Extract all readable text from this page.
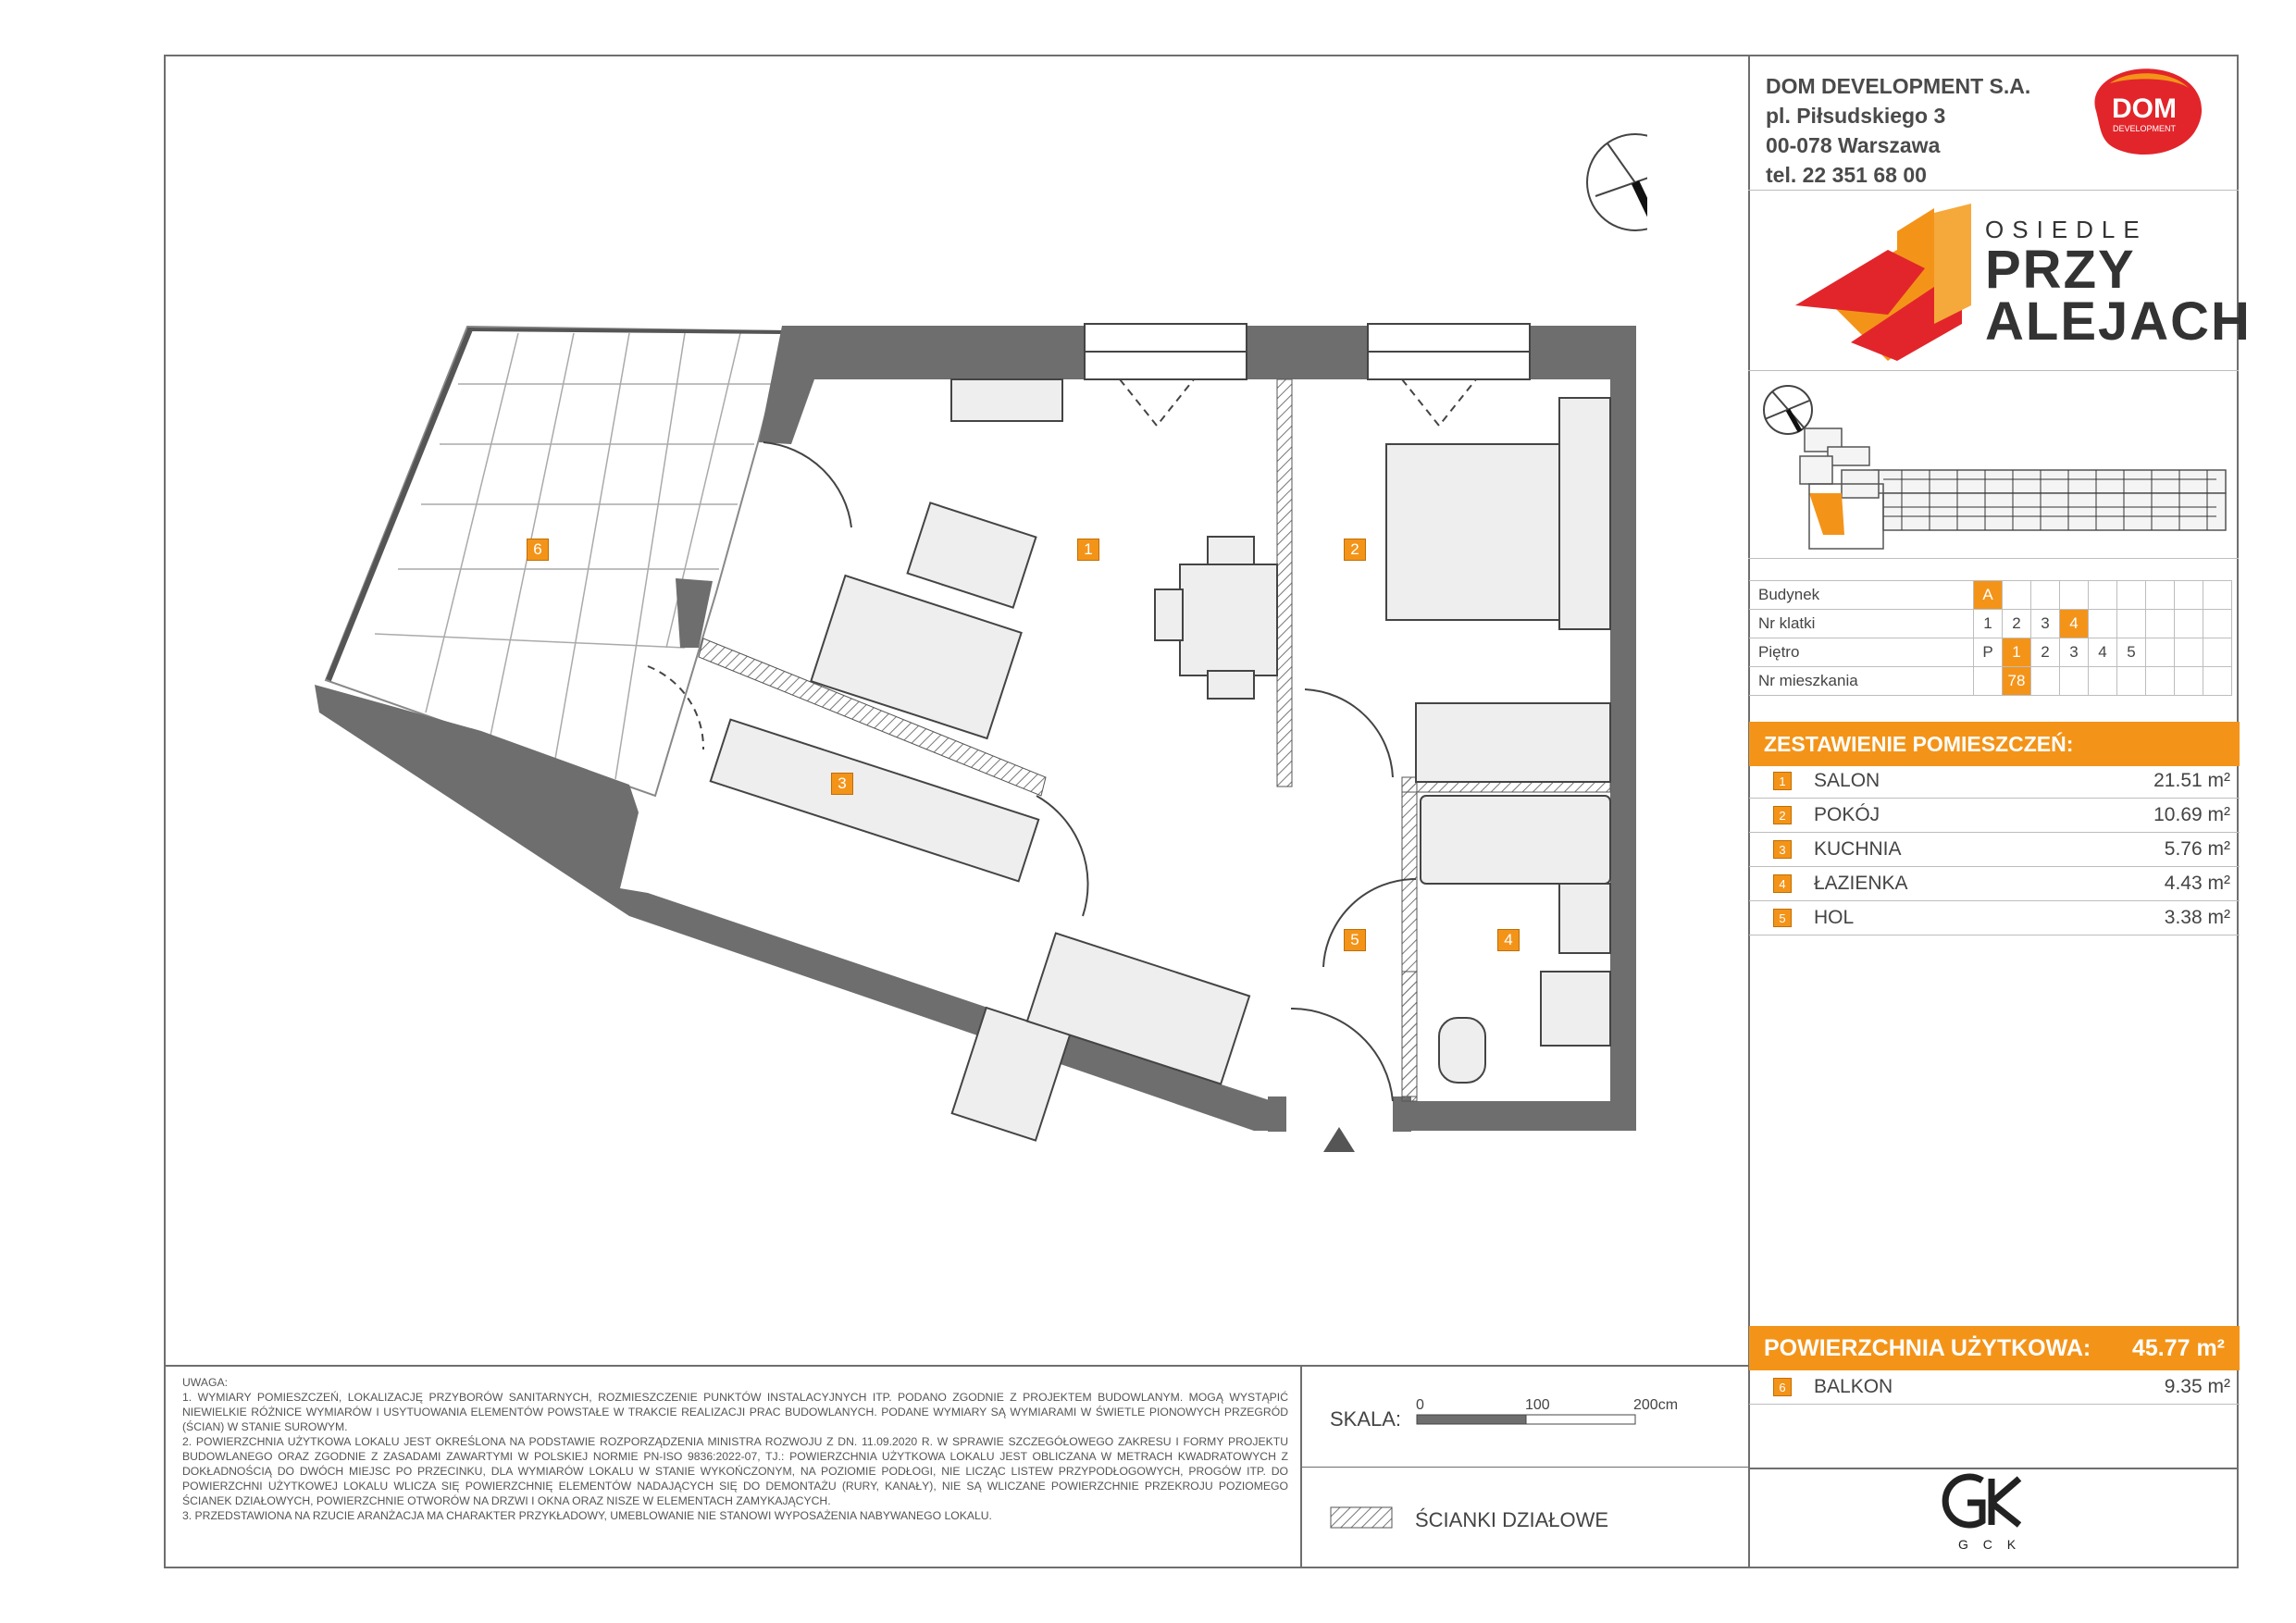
1	2
3
4
5
6
DOM DEVELOPMENT S.A.
pl. Piłsudskiego 3
00-078 Warszawa
tel. 22 351 68 00
DOM
DEVELOPMENT
OSIEDLE
PRZY
ALEJACH
Budynek	A								
Nr klatki	1	2	3	4					
Piętro	P	1	2	3	4	5			
Nr mieszkania		78							
ZESTAWIENIE POMIESZCZEŃ:
1	SALON	21.51 m²
2	POKÓJ	10.69 m²
3	KUCHNIA	5.76 m²
4	ŁAZIENKA	4.43 m²
5	HOL	3.38 m²
POWIERZCHNIA UŻYTKOWA: 45.77 m²
6	BALKON	9.35 m²

UWAGA:

1. WYMIARY POMIESZCZEŃ, LOKALIZACJĘ PRZYBORÓW SANITARNYCH, ROZMIESZCZENIE PUNKTÓW INSTALACYJNYCH ITP. PODANO ZGODNIE Z PROJEKTEM BUDOWLANYM. MOGĄ WYSTĄPIĆ NIEWIELKIE RÓŻNICE WYMIARÓW I USYTUOWANIA ELEMENTÓW POWSTAŁE W TRAKCIE REALIZACJI PRAC BUDOWLANYCH. PODANE WYMIARY SĄ WYMIARAMI W ŚWIETLE PIONOWYCH PRZEGRÓD (ŚCIAN) W STANIE SUROWYM.

2. POWIERZCHNIA UŻYTKOWA LOKALU JEST OKREŚLONA NA PODSTAWIE ROZPORZĄDZENIA MINISTRA ROZWOJU Z DN. 11.09.2020 R. W SPRAWIE SZCZEGÓŁOWEGO ZAKRESU I FORMY PROJEKTU BUDOWLANEGO ORAZ ZGODNIE Z ZASADAMI ZAWARTYMI W POLSKIEJ NORMIE PN-ISO 9836:2022-07, TJ.: POWIERZCHNIA UŻYTKOWA LOKALU JEST OBLICZANA W METRACH KWADRATOWYCH Z DOKŁADNOŚCIĄ DO DWÓCH MIEJSC PO PRZECINKU, DLA WYMIARÓW LOKALU W STANIE WYKOŃCZONYM, NA POZIOMIE PODŁOGI, NIE LICZĄC LISTEW PRZYPODŁOGOWYCH, PROGÓW ITP. DO POWIERZCHNI UŻYTKOWEJ LOKALU WLICZA SIĘ POWIERZCHNIĘ ELEMENTÓW NADAJĄCYCH SIĘ DO DEMONTAŻU (RURY, KANAŁY), NIE SĄ WLICZANE POWIERZCHNIE PRZEKROJU POZIOMEGO ŚCIANEK DZIAŁOWYCH, POWIERZCHNIE OTWORÓW NA DRZWI I OKNA ORAZ NISZE W ELEMENTACH ZAMYKAJĄCYCH.

3. PRZEDSTAWIONA NA RZUCIE ARANŻACJA MA CHARAKTER PRZYKŁADOWY, UMEBLOWANIE NIE STANOWI WYPOSAŻENIA NABYWANEGO LOKALU.

SKALA:
0	100	200cm
ŚCIANKI DZIAŁOWE
G C K
